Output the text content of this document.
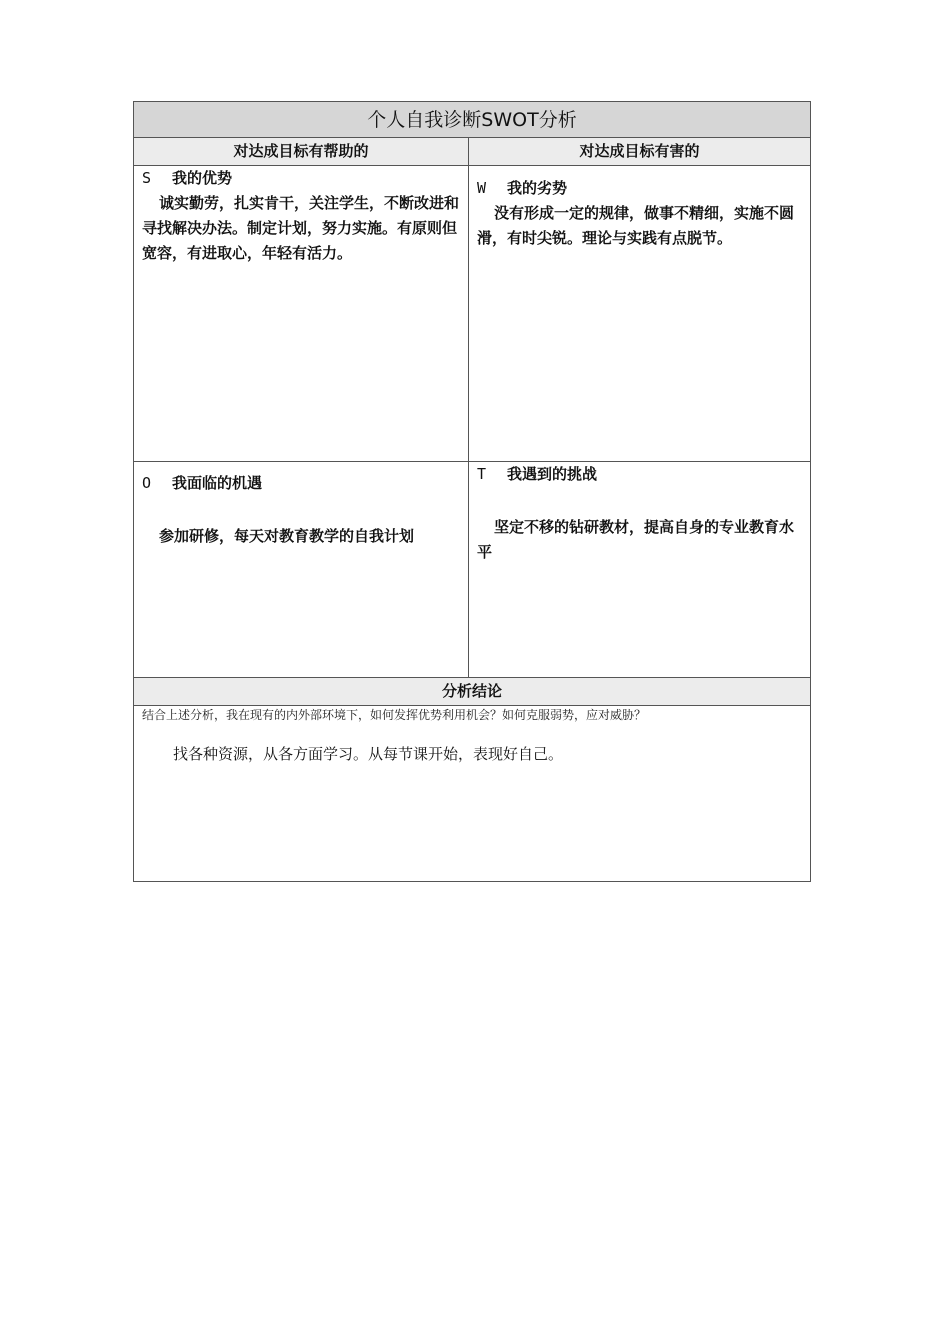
个人自我诊断SWOT分析
对达成目标有帮助的	对达成目标有害的
S	我的优势
诚实勤劳，扎实肯干，关注学生，不断改进和寻找解决办法。制定计划，努力实施。有原则但宽容，有进取心，年轻有活力。
W	我的劣势
没有形成一定的规律，做事不精细，实施不圆滑，有时尖锐。理论与实践有点脱节。
O	我面临的机遇
参加研修，每天对教育教学的自我计划
T	我遇到的挑战
坚定不移的钻研教材，提高自身的专业教育水平
分析结论
结合上述分析，我在现有的内外部环境下，如何发挥优势利用机会？如何克服弱势，应对威胁？
找各种资源，从各方面学习。从每节课开始，表现好自己。
